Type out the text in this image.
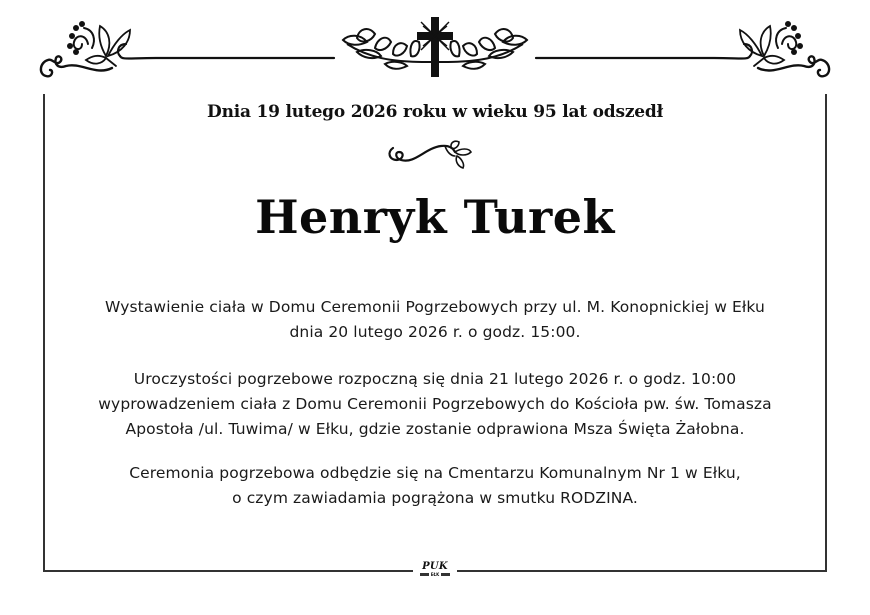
Dnia 19 lutego 2026 roku w wieku 95 lat odszedł
Henryk Turek
Wystawienie ciała w Domu Ceremonii Pogrzebowych przy ul. M. Konopnickiej w Ełku
dnia 20 lutego 2026 r. o godz. 15:00.
Uroczystości pogrzebowe rozpoczną się dnia 21 lutego 2026 r. o godz. 10:00
wyprowadzeniem ciała z Domu Ceremonii Pogrzebowych do Kościoła pw. św. Tomasza
Apostoła /ul. Tuwima/ w Ełku, gdzie zostanie odprawiona Msza Święta Żałobna.
Ceremonia pogrzebowa odbędzie się na Cmentarzu Komunalnym Nr 1 w Ełku,
o czym zawiadamia pogrążona w smutku RODZINA.
PUK
EŁK
